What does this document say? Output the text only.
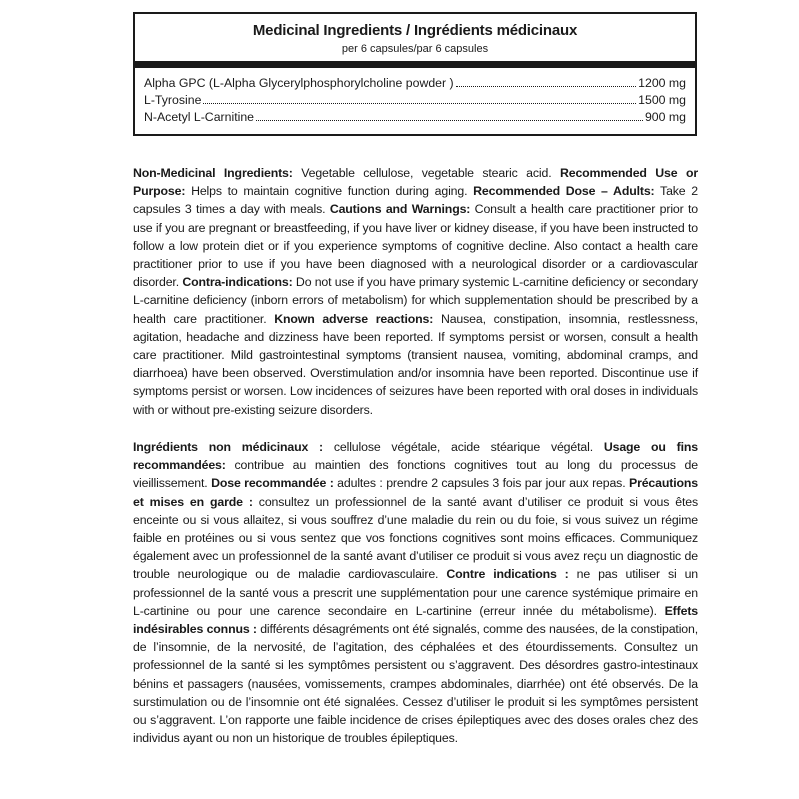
Medicinal Ingredients / Ingrédients médicinaux
per 6 capsules/par 6 capsules
Alpha GPC (L-Alpha Glycerylphosphorylcholine powder )	1200 mg
L-Tyrosine	1500 mg
N-Acetyl L-Carnitine	900 mg
Non-Medicinal Ingredients: Vegetable cellulose, vegetable stearic acid. Recommended Use or Purpose: Helps to maintain cognitive function during aging. Recommended Dose – Adults: Take 2 capsules 3 times a day with meals. Cautions and Warnings: Consult a health care practitioner prior to use if you are pregnant or breastfeeding, if you have liver or kidney disease, if you have been instructed to follow a low protein diet or if you experience symptoms of cognitive decline. Also contact a health care practitioner prior to use if you have been diagnosed with a neurological disorder or a cardiovascular disorder. Contra-indications: Do not use if you have primary systemic L-carnitine deficiency or secondary L-carnitine deficiency (inborn errors of metabolism) for which supplementation should be prescribed by a health care practitioner. Known adverse reactions: Nausea, constipation, insomnia, restlessness, agitation, headache and dizziness have been reported. If symptoms persist or worsen, consult a health care practitioner. Mild gastrointestinal symptoms (transient nausea, vomiting, abdominal cramps, and diarrhoea) have been observed. Overstimulation and/or insomnia have been reported. Discontinue use if symptoms persist or worsen. Low incidences of seizures have been reported with oral doses in individuals with or without pre-existing seizure disorders.
Ingrédients non médicinaux : cellulose végétale, acide stéarique végétal. Usage ou fins recommandées: contribue au maintien des fonctions cognitives tout au long du processus de vieillissement. Dose recommandée : adultes : prendre 2 capsules 3 fois par jour aux repas. Précautions et mises en garde : consultez un professionnel de la santé avant d’utiliser ce produit si vous êtes enceinte ou si vous allaitez, si vous souffrez d’une maladie du rein ou du foie, si vous suivez un régime faible en protéines ou si vous sentez que vos fonctions cognitives sont moins efficaces. Communiquez également avec un professionnel de la santé avant d’utiliser ce produit si vous avez reçu un diagnostic de trouble neurologique ou de maladie cardiovasculaire. Contre indications : ne pas utiliser si un professionnel de la santé vous a prescrit une supplémentation pour une carence systémique primaire en L-cartinine ou pour une carence secondaire en L-cartinine (erreur innée du métabolisme). Effets indésirables connus : différents désagréments ont été signalés, comme des nausées, de la constipation, de l’insomnie, de la nervosité, de l’agitation, des céphalées et des étourdissements. Consultez un professionnel de la santé si les symptômes persistent ou s’aggravent. Des désordres gastro-intestinaux bénins et passagers (nausées, vomissements, crampes abdominales, diarrhée) ont été observés. De la surstimulation ou de l’insomnie ont été signalées. Cessez d’utiliser le produit si les symptômes persistent ou s’aggravent. L’on rapporte une faible incidence de crises épileptiques avec des doses orales chez des individus ayant ou non un historique de troubles épileptiques.
